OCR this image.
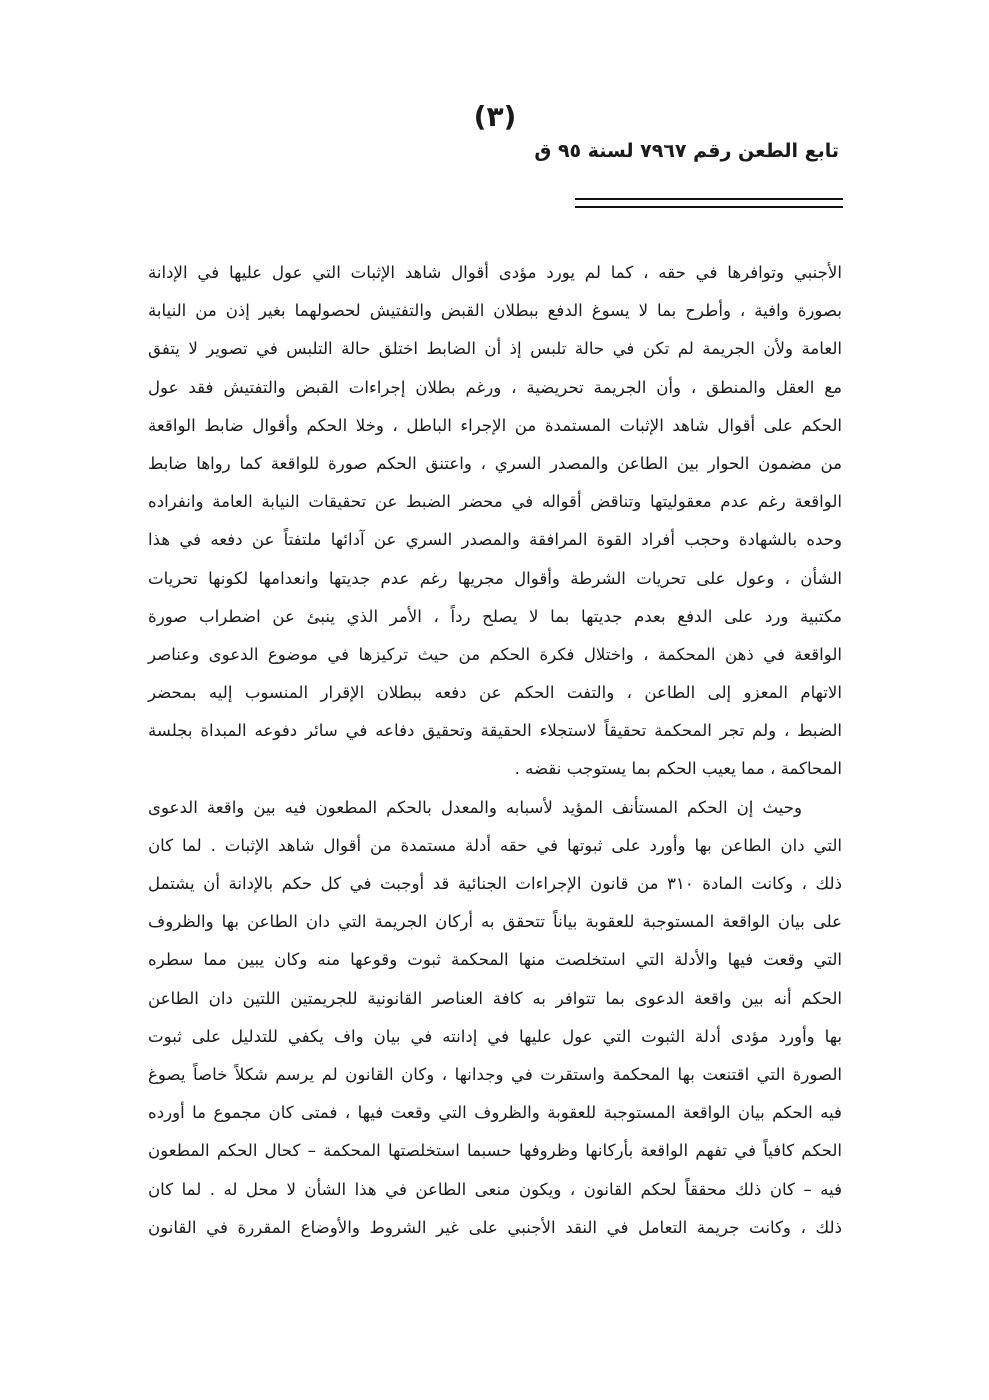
(٣)
تابع الطعن رقم ٧٩٦٧ لسنة ٩٥ ق
الأجنبي وتوافرها في حقه ، كما لم يورد مؤدى أقوال شاهد الإثبات التي عول عليها في الإدانة
بصورة وافية ، وأطرح بما لا يسوغ الدفع ببطلان القبض والتفتيش لحصولهما بغير إذن من النيابة
العامة ولأن الجريمة لم تكن في حالة تلبس إذ أن الضابط اختلق حالة التلبس في تصوير لا يتفق
مع العقل والمنطق ، وأن الجريمة تحريضية ، ورغم بطلان إجراءات القبض والتفتيش فقد عول
الحكم على أقوال شاهد الإثبات المستمدة من الإجراء الباطل ، وخلا الحكم وأقوال ضابط الواقعة
من مضمون الحوار بين الطاعن والمصدر السري ، واعتنق الحكم صورة للواقعة كما رواها ضابط
الواقعة رغم عدم معقوليتها وتناقض أقواله في محضر الضبط عن تحقيقات النيابة العامة وانفراده
وحده بالشهادة وحجب أفراد القوة المرافقة والمصدر السري عن آدائها ملتفتاً عن دفعه في هذا
الشأن ، وعول على تحريات الشرطة وأقوال مجريها رغم عدم جديتها وانعدامها لكونها تحريات
مكتبية ورد على الدفع بعدم جديتها بما لا يصلح رداً ، الأمر الذي ينبئ عن اضطراب صورة
الواقعة في ذهن المحكمة ، واختلال فكرة الحكم من حيث تركيزها في موضوع الدعوى وعناصر
الاتهام المعزو إلى الطاعن ، والتفت الحكم عن دفعه ببطلان الإقرار المنسوب إليه بمحضر
الضبط ، ولم تجر المحكمة تحقيقاً لاستجلاء الحقيقة وتحقيق دفاعه في سائر دفوعه المبداة بجلسة
المحاكمة ، مما يعيب الحكم بما يستوجب نقضه .
وحيث إن الحكم المستأنف المؤيد لأسبابه والمعدل بالحكم المطعون فيه بين واقعة الدعوى
التي دان الطاعن بها وأورد على ثبوتها في حقه أدلة مستمدة من أقوال شاهد الإثبات . لما كان
ذلك ، وكانت المادة ٣١٠ من قانون الإجراءات الجنائية قد أوجبت في كل حكم بالإدانة أن يشتمل
على بيان الواقعة المستوجبة للعقوبة بياناً تتحقق به أركان الجريمة التي دان الطاعن بها والظروف
التي وقعت فيها والأدلة التي استخلصت منها المحكمة ثبوت وقوعها منه وكان يبين مما سطره
الحكم أنه بين واقعة الدعوى بما تتوافر به كافة العناصر القانونية للجريمتين اللتين دان الطاعن
بها وأورد مؤدى أدلة الثبوت التي عول عليها في إدانته في بيان واف يكفي للتدليل على ثبوت
الصورة التي اقتنعت بها المحكمة واستقرت في وجدانها ، وكان القانون لم يرسم شكلاً خاصاً يصوغ
فيه الحكم بيان الواقعة المستوجبة للعقوبة والظروف التي وقعت فيها ، فمتى كان مجموع ما أورده
الحكم كافياً في تفهم الواقعة بأركانها وظروفها حسبما استخلصتها المحكمة – كحال الحكم المطعون
فيه – كان ذلك محققاً لحكم القانون ، ويكون منعى الطاعن في هذا الشأن لا محل له . لما كان
ذلك ، وكانت جريمة التعامل في النقد الأجنبي على غير الشروط والأوضاع المقررة في القانون
